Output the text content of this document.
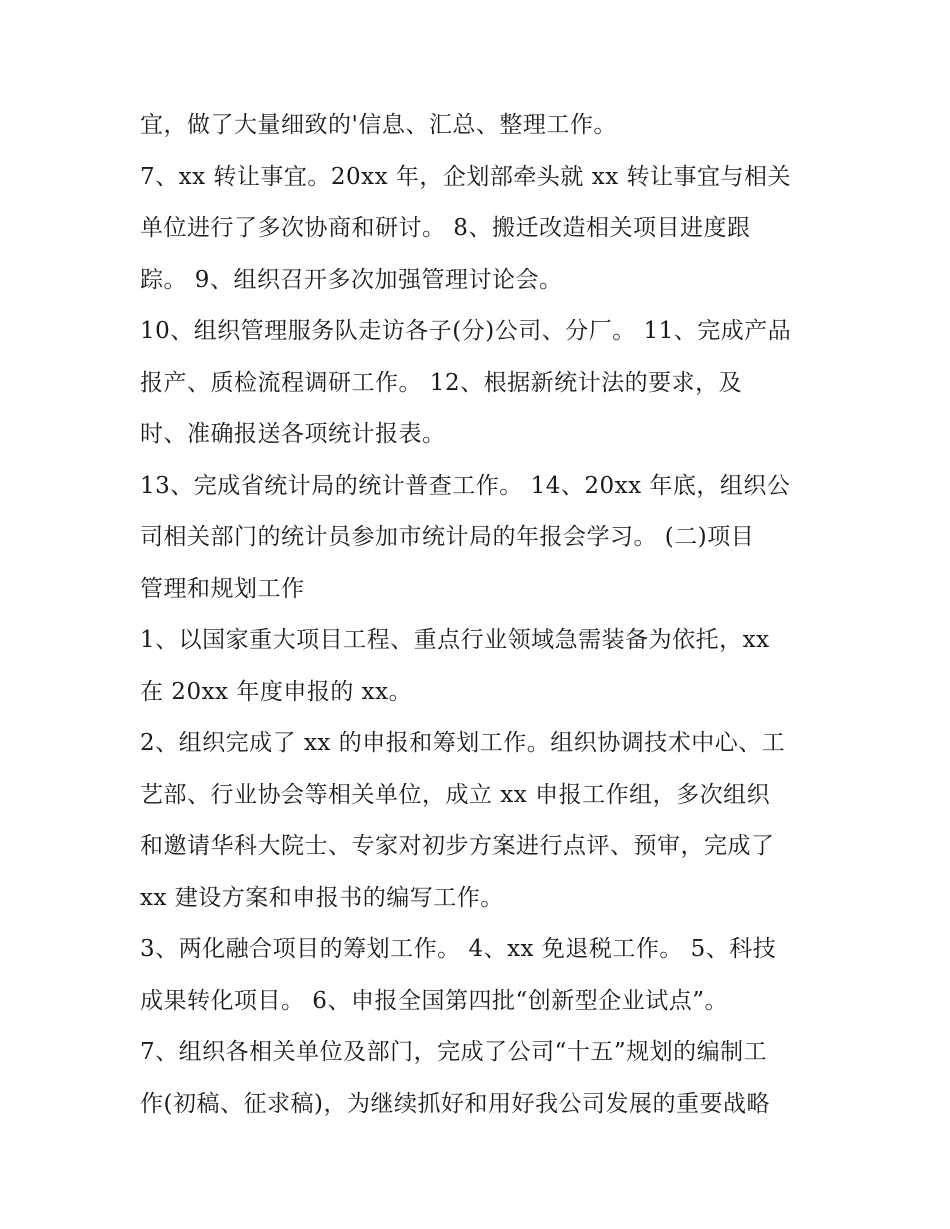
宜，做了大量细致的'信息、汇总、整理工作。
7、xx 转让事宜。20xx 年，企划部牵头就 xx 转让事宜与相关
单位进行了多次协商和研讨。 8、搬迁改造相关项目进度跟
踪。 9、组织召开多次加强管理讨论会。
10、组织管理服务队走访各子(分)公司、分厂。 11、完成产品
报产、质检流程调研工作。 12、根据新统计法的要求，及
时、准确报送各项统计报表。
13、完成省统计局的统计普查工作。 14、20xx 年底，组织公
司相关部门的统计员参加市统计局的年报会学习。 (二)项目
管理和规划工作
1、以国家重大项目工程、重点行业领域急需装备为依托，xx
在 20xx 年度申报的 xx。
2、组织完成了 xx 的申报和筹划工作。组织协调技术中心、工
艺部、行业协会等相关单位，成立 xx 申报工作组，多次组织
和邀请华科大院士、专家对初步方案进行点评、预审，完成了
xx 建设方案和申报书的编写工作。
3、两化融合项目的筹划工作。 4、xx 免退税工作。 5、科技
成果转化项目。 6、申报全国第四批“创新型企业试点”。
7、组织各相关单位及部门，完成了公司“十五”规划的编制工
作(初稿、征求稿)，为继续抓好和用好我公司发展的重要战略
